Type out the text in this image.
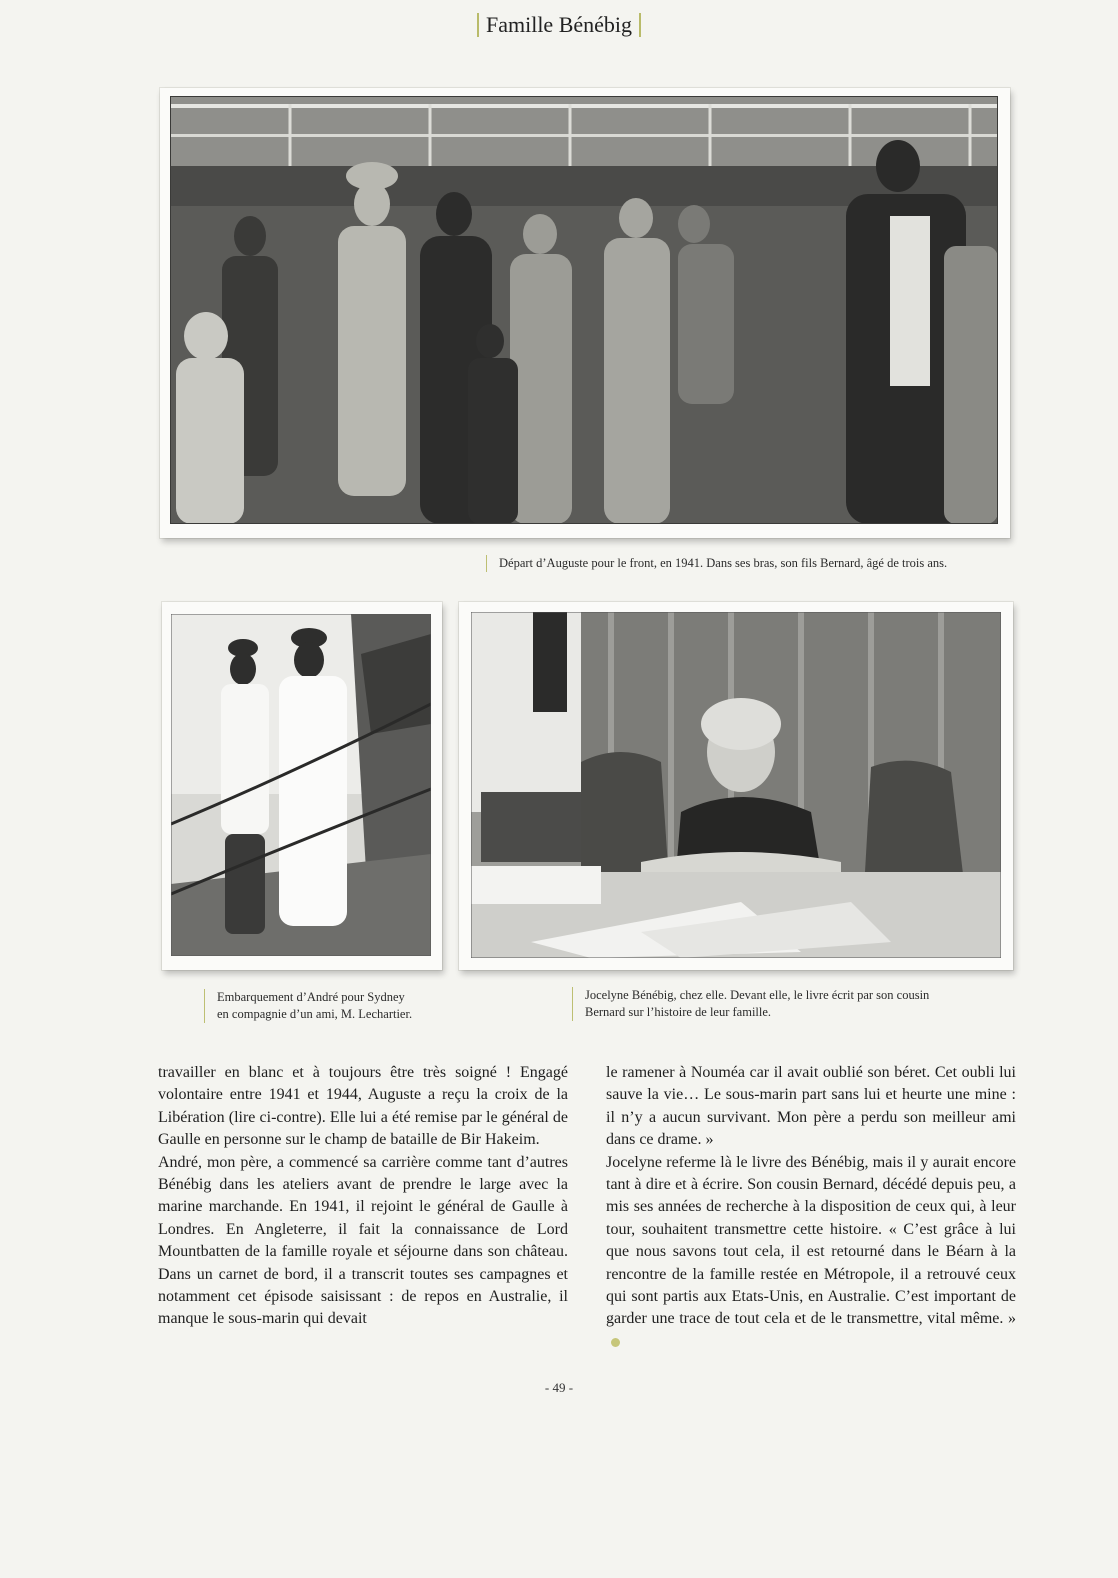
Famille Bénébig
Départ d’Auguste pour le front, en 1941. Dans ses bras, son fils Bernard, âgé de trois ans.
Embarquement d’André pour Sydney
en compagnie d’un ami, M. Lechartier.
Jocelyne Bénébig, chez elle. Devant elle, le livre écrit par son cousin
Bernard sur l’histoire de leur famille.

travailler en blanc et à toujours être très soigné ! Engagé volontaire entre 1941 et 1944, Auguste a reçu la croix de la Libération (lire ci-contre). Elle lui a été remise par le général de Gaulle en personne sur le champ de bataille de Bir Hakeim.

André, mon père, a commencé sa carrière comme tant d’autres Bénébig dans les ateliers avant de prendre le large avec la marine marchande. En 1941, il rejoint le général de Gaulle à Londres. En Angleterre, il fait la connaissance de Lord Mountbatten de la famille royale et séjourne dans son château. Dans un carnet de bord, il a transcrit toutes ses campagnes et notamment cet épisode saisissant : de repos en Australie, il manque le sous-marin qui devait

le ramener à Nouméa car il avait oublié son béret. Cet oubli lui sauve la vie… Le sous-marin part sans lui et heurte une mine : il n’y a aucun survivant. Mon père a perdu son meilleur ami dans ce drame. »

Jocelyne referme là le livre des Bénébig, mais il y aurait encore tant à dire et à écrire. Son cousin Bernard, décédé depuis peu, a mis ses années de recherche à la disposition de ceux qui, à leur tour, souhaitent transmettre cette histoire. « C’est grâce à lui que nous savons tout cela, il est retourné dans le Béarn à la rencontre de la famille restée en Métropole, il a retrouvé ceux qui sont partis aux Etats-Unis, en Australie. C’est important de garder une trace de tout cela et de le transmettre, vital même. »

- 49 -
